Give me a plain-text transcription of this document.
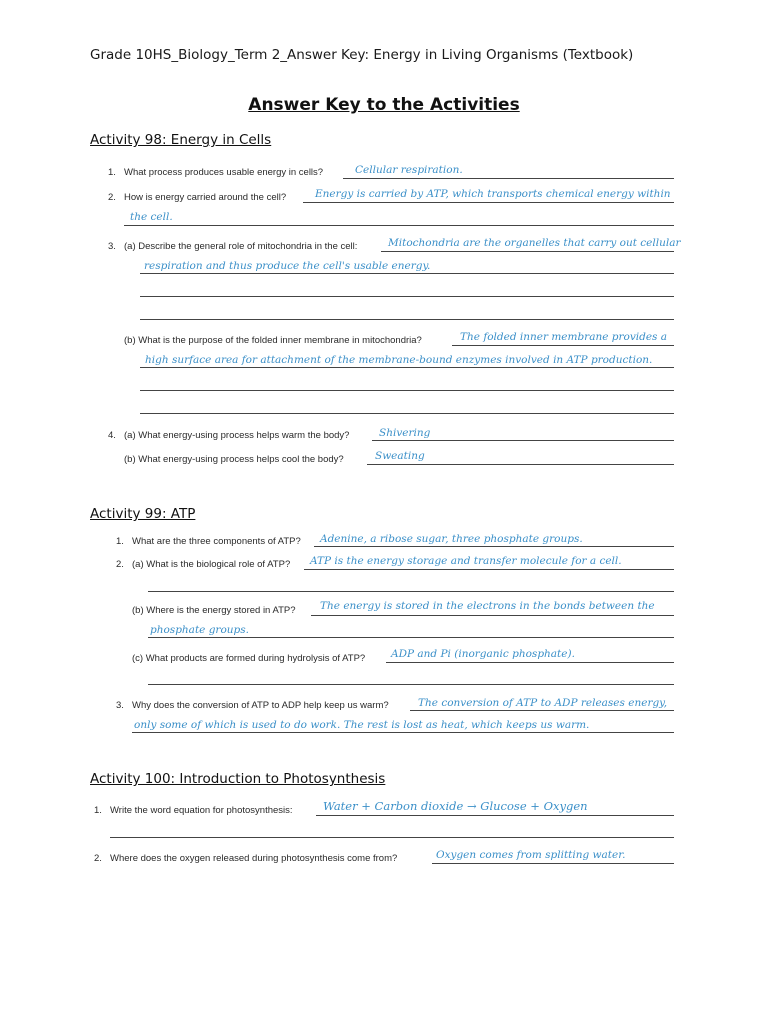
Grade 10HS_Biology_Term 2_Answer Key: Energy in Living Organisms (Textbook)
Answer Key to the Activities
Activity 98: Energy in Cells
1. What process produces usable energy in cells?	Cellular respiration.
2. How is energy carried around the cell?	Energy is carried by ATP, which transports chemical energy within
the cell.
3. (a) Describe the general role of mitochondria in the cell:	Mitochondria are the organelles that carry out cellular
respiration and thus produce the cell's usable energy.
(b) What is the purpose of the folded inner membrane in mitochondria?	The folded inner membrane provides a
high surface area for attachment of the membrane-bound enzymes involved in ATP production.
4. (a) What energy-using process helps warm the body?	Shivering
(b) What energy-using process helps cool the body?	Sweating
Activity 99: ATP
1. What are the three components of ATP? Adenine, a ribose sugar, three phosphate groups.
2. (a) What is the biological role of ATP? ATP is the energy storage and transfer molecule for a cell.
(b) Where is the energy stored in ATP? The energy is stored in the electrons in the bonds between the
phosphate groups.
(c) What products are formed during hydrolysis of ATP? ADP and Pi (inorganic phosphate).
3. Why does the conversion of ATP to ADP help keep us warm?	The conversion of ATP to ADP releases energy,
only some of which is used to do work. The rest is lost as heat, which keeps us warm.
Activity 100: Introduction to Photosynthesis
1. Write the word equation for photosynthesis:	Water + Carbon dioxide → Glucose + Oxygen
2. Where does the oxygen released during photosynthesis come from?	Oxygen comes from splitting water.
